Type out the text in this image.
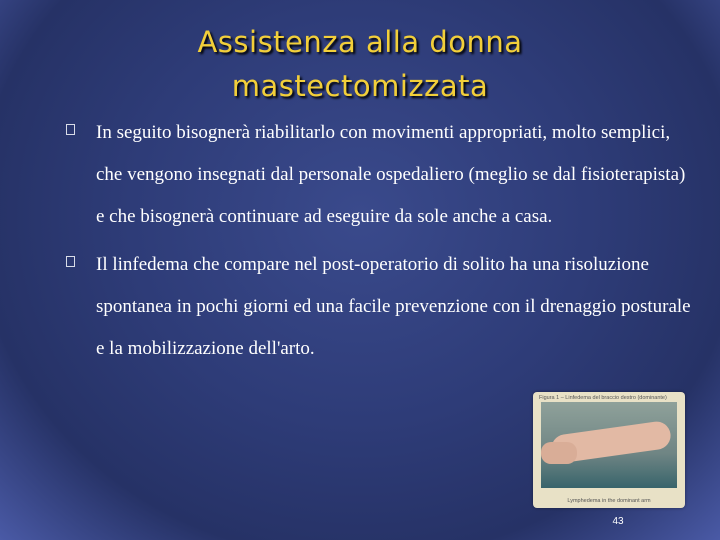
Assistenza alla donna
mastectomizzata
In seguito bisognerà riabilitarlo con movimenti appropriati, molto semplici, che vengono insegnati dal personale ospedaliero (meglio se dal fisioterapista) e che bisognerà continuare ad eseguire da sole anche a casa.
Il linfedema che compare nel post-operatorio di solito ha una risoluzione spontanea in pochi giorni ed una facile prevenzione con il drenaggio posturale e la mobilizzazione dell'arto.
Figura 1 – Linfedema del braccio destro (dominante)
Lymphedema in the dominant arm
43
